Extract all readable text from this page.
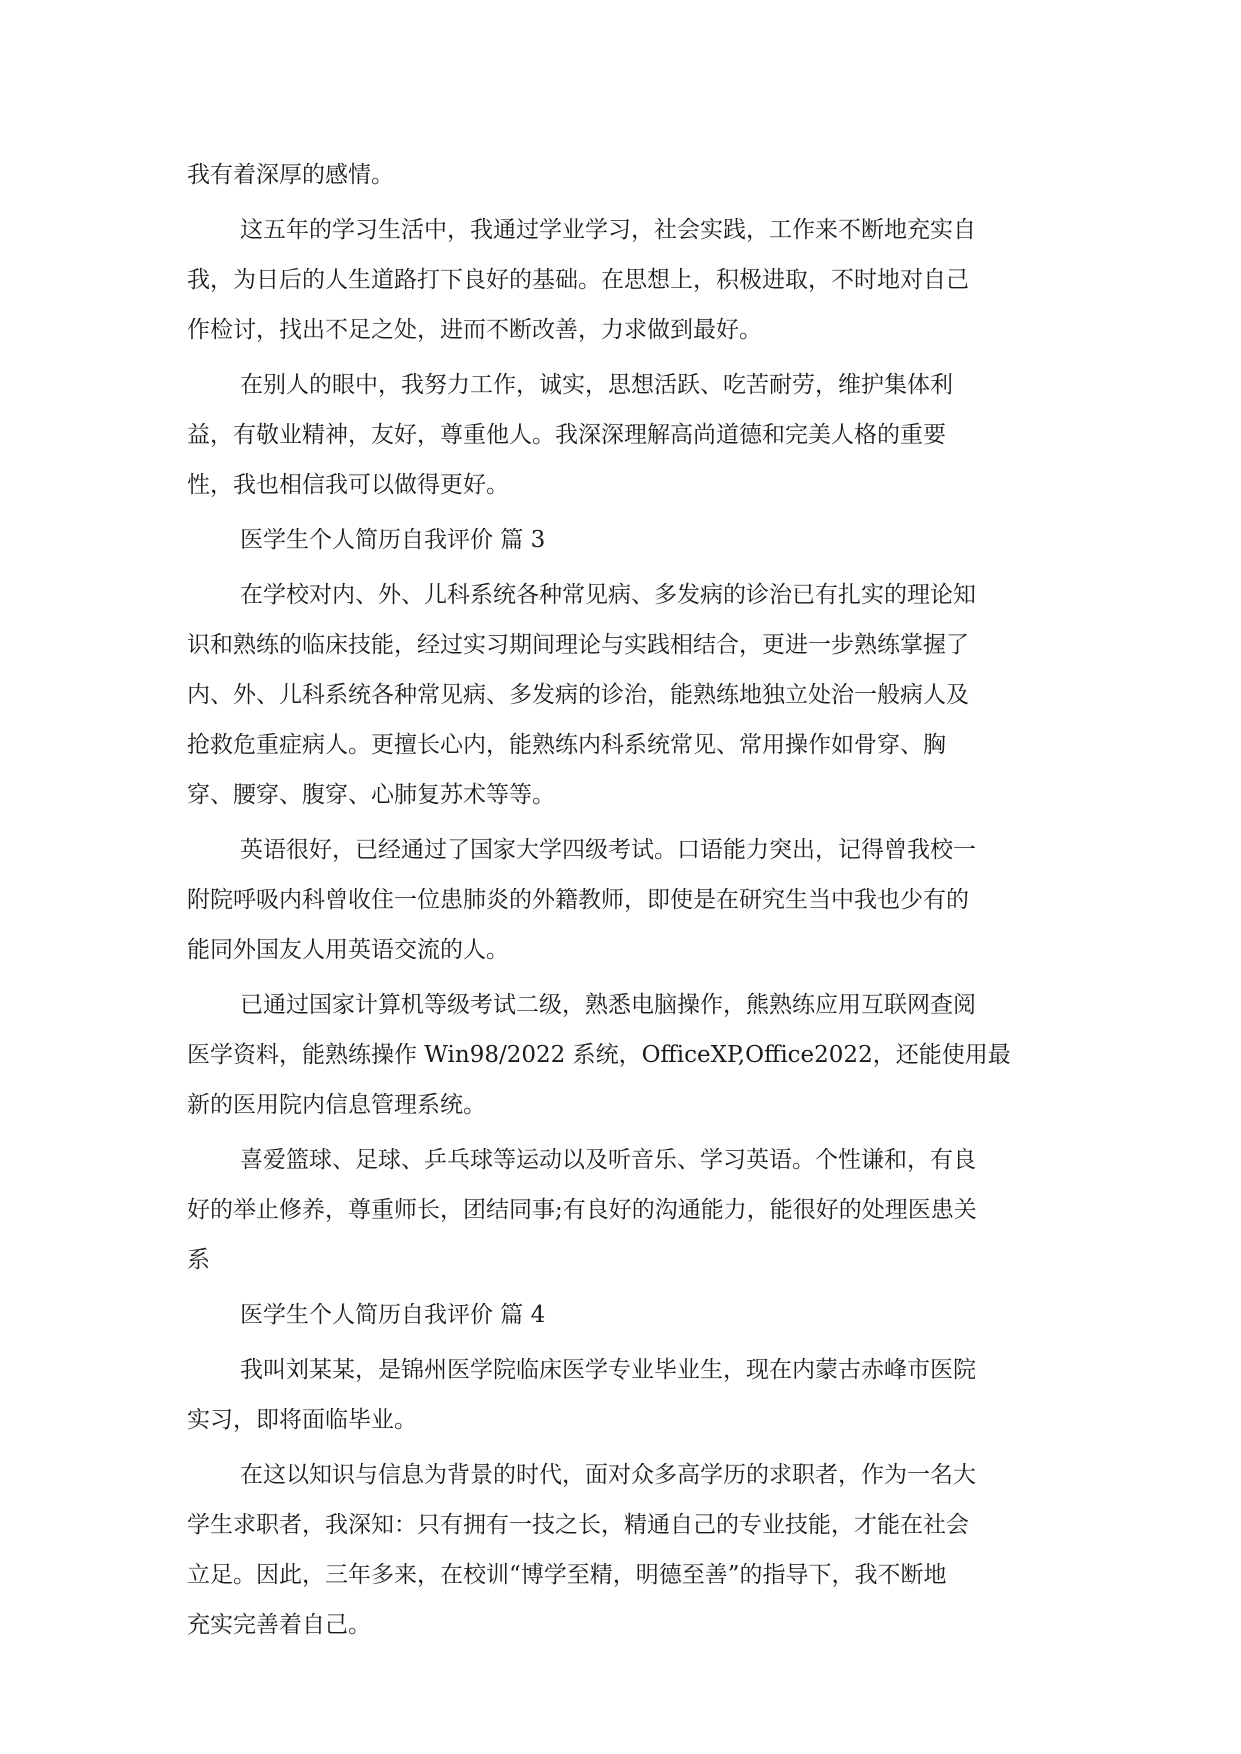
我有着深厚的感情。
这五年的学习生活中，我通过学业学习，社会实践，工作来不断地充实自
我，为日后的人生道路打下良好的基础。在思想上，积极进取，不时地对自己
作检讨，找出不足之处，进而不断改善，力求做到最好。
在别人的眼中，我努力工作，诚实，思想活跃、吃苦耐劳，维护集体利
益，有敬业精神，友好，尊重他人。我深深理解高尚道德和完美人格的重要
性，我也相信我可以做得更好。
医学生个人简历自我评价 篇 3
在学校对内、外、儿科系统各种常见病、多发病的诊治已有扎实的理论知
识和熟练的临床技能，经过实习期间理论与实践相结合，更进一步熟练掌握了
内、外、儿科系统各种常见病、多发病的诊治，能熟练地独立处治一般病人及
抢救危重症病人。更擅长心内，能熟练内科系统常见、常用操作如骨穿、胸
穿、腰穿、腹穿、心肺复苏术等等。
英语很好，已经通过了国家大学四级考试。口语能力突出，记得曾我校一
附院呼吸内科曾收住一位患肺炎的外籍教师，即使是在研究生当中我也少有的
能同外国友人用英语交流的人。
已通过国家计算机等级考试二级，熟悉电脑操作，熊熟练应用互联网查阅
医学资料，能熟练操作 Win98/2022 系统，OfficeXP,Office2022，还能使用最
新的医用院内信息管理系统。
喜爱篮球、足球、乒乓球等运动以及听音乐、学习英语。个性谦和，有良
好的举止修养，尊重师长，团结同事;有良好的沟通能力，能很好的处理医患关
系
医学生个人简历自我评价 篇 4
我叫刘某某，是锦州医学院临床医学专业毕业生，现在内蒙古赤峰市医院
实习，即将面临毕业。
在这以知识与信息为背景的时代，面对众多高学历的求职者，作为一名大
学生求职者，我深知：只有拥有一技之长，精通自己的专业技能，才能在社会
立足。因此，三年多来，在校训“博学至精，明德至善”的指导下，我不断地
充实完善着自己。
